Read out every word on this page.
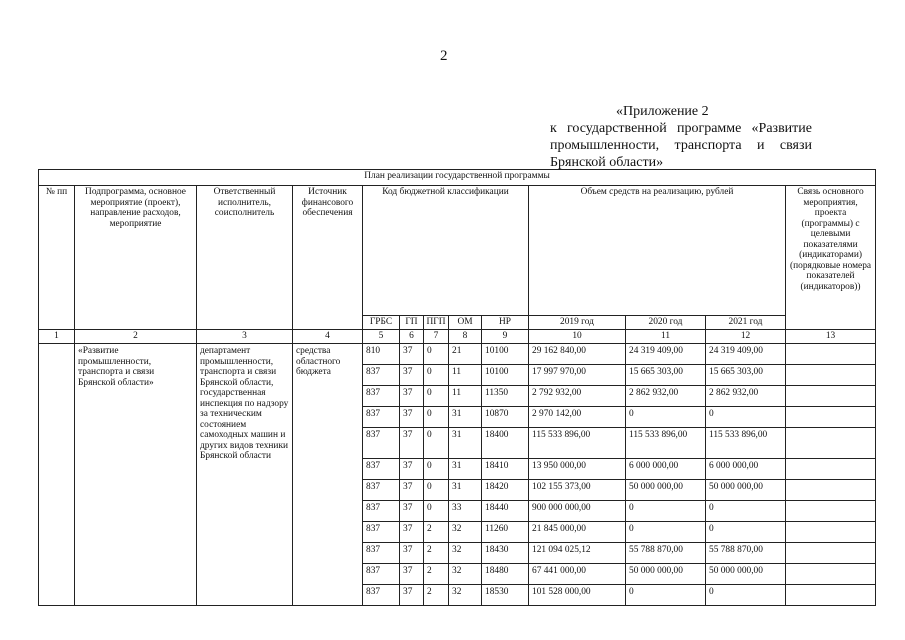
2
«Приложение 2
к государственной программе «Развитие
промышленности, транспорта и связи
Брянской области»
План реализации государственной программы												
№ пп	Подпрограмма, основное мероприятие (проект), направление расходов, мероприятие	Ответственный исполнитель, соисполнитель	Источник финансового обеспечения	Код бюджетной классификации					Объем средств на реализацию, рублей			Связь основного мероприятия, проекта (программы) с целевыми показателями (индикаторами) (порядковые номера показателей (индикаторов))
				ГРБС	ГП	ПГП	ОМ	НР	2019 год	2020 год	2021 год	
1	2	3	4	5	6	7	8	9	10	11	12	13
	«Развитие промышленности, транспорта и связи Брянской области»	департамент промышленности, транспорта и связи Брянской области, государственная инспекция по надзору за техническим состоянием самоходных машин и других видов техники Брянской области	средства областного бюджета	810	37	0	21	10100	29 162 840,00	24 319 409,00	24 319 409,00	
				837	37	0	11	10100	17 997 970,00	15 665 303,00	15 665 303,00	
				837	37	0	11	11350	2 792 932,00	2 862 932,00	2 862 932,00	
				837	37	0	31	10870	2 970 142,00	0	0	
				837	37	0	31	18400	115 533 896,00	115 533 896,00	115 533 896,00	
				837	37	0	31	18410	13 950 000,00	6 000 000,00	6 000 000,00	
				837	37	0	31	18420	102 155 373,00	50 000 000,00	50 000 000,00	
				837	37	0	33	18440	900 000 000,00	0	0	
				837	37	2	32	11260	21 845 000,00	0	0	
				837	37	2	32	18430	121 094 025,12	55 788 870,00	55 788 870,00	
				837	37	2	32	18480	67 441 000,00	50 000 000,00	50 000 000,00	
				837	37	2	32	18530	101 528 000,00	0	0	
